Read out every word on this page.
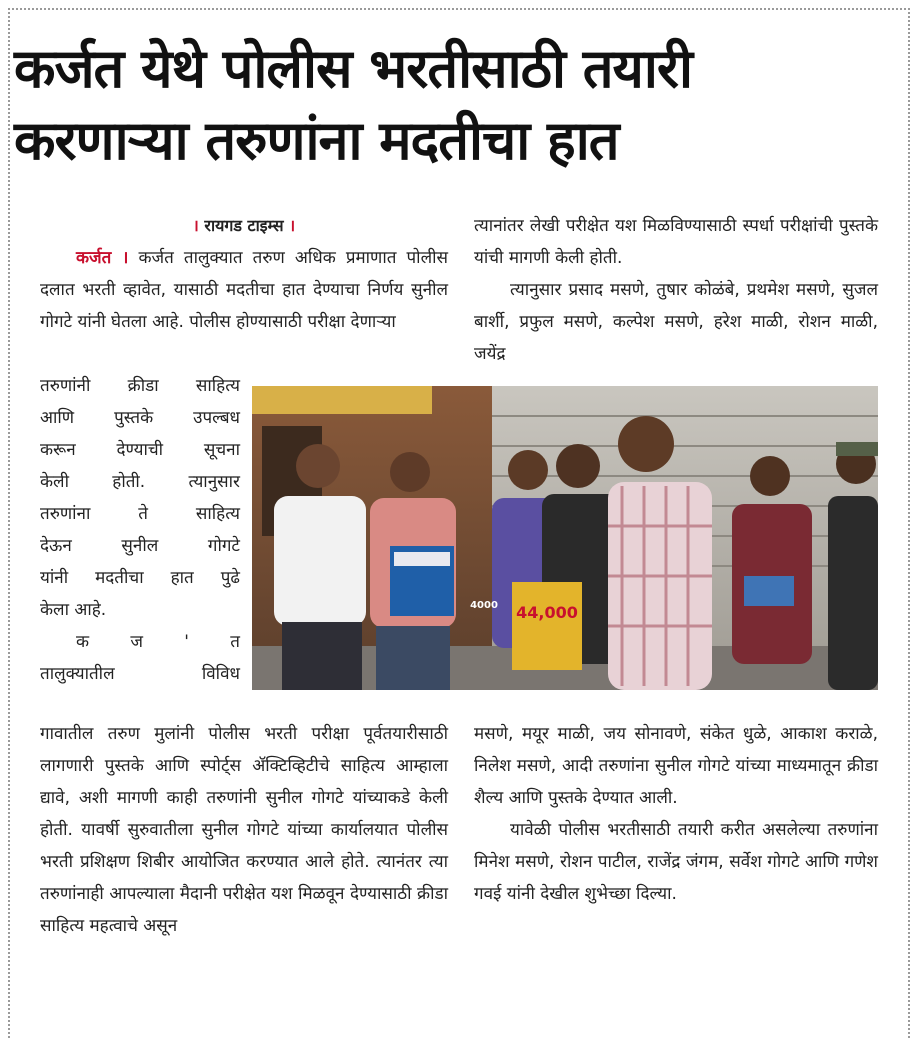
कर्जत येथे पोलीस भरतीसाठी तयारी
करणाऱ्या तरुणांना मदतीचा हात

। रायगड टाइम्स ।

कर्जत । कर्जत तालुक्यात तरुण अधिक प्रमाणात पोलीस दलात भरती व्हावेत, यासाठी मदतीचा हात देण्याचा निर्णय सुनील गोगटे यांनी घेतला आहे. पोलीस होण्यासाठी परीक्षा देणाऱ्या

तरुणांनी क्रीडा साहित्य
आणि पुस्तके उपल्बध
करून देण्याची सूचना
केली होती. त्यानुसार
तरुणांना ते साहित्य
देऊन सुनील गोगटे
यांनी मदतीचा हात पुढे
केला आहे.

क ज ' त
तालुक्यातील विविध

गावातील तरुण मुलांनी पोलीस भरती परीक्षा पूर्वतयारीसाठी लागणारी पुस्तके आणि स्पोर्ट्स ॲक्टिव्हिटीचे साहित्य आम्हाला द्यावे, अशी मागणी काही तरुणांनी सुनील गोगटे यांच्याकडे केली होती. यावर्षी सुरुवातीला सुनील गोगटे यांच्या कार्यालयात पोलीस भरती प्रशिक्षण शिबीर आयोजित करण्यात आले होते. त्यानंतर त्या तरुणांनाही आपल्याला मैदानी परीक्षेत यश मिळवून देण्यासाठी क्रीडा साहित्य महत्वाचे असून

त्यानांतर लेखी परीक्षेत यश मिळविण्यासाठी स्पर्धा परीक्षांची पुस्तके यांची मागणी केली होती.

त्यानुसार प्रसाद मसणे, तुषार कोळंबे, प्रथमेश मसणे, सुजल बार्शी, प्रफुल मसणे, कल्पेश मसणे, हरेश माळी, रोशन माळी, जयेंद्र

मसणे, मयूर माळी, जय सोनावणे, संकेत धुळे, आकाश कराळे, निलेश मसणे, आदी तरुणांना सुनील गोगटे यांच्या माध्यमातून क्रीडा शैल्य आणि पुस्तके देण्यात आली.

यावेळी पोलीस भरतीसाठी तयारी करीत असलेल्या तरुणांना मिनेश मसणे, रोशन पाटील, राजेंद्र जंगम, सर्वेश गोगटे आणि गणेश गवई यांनी देखील शुभेच्छा दिल्या.

44,000
4000
